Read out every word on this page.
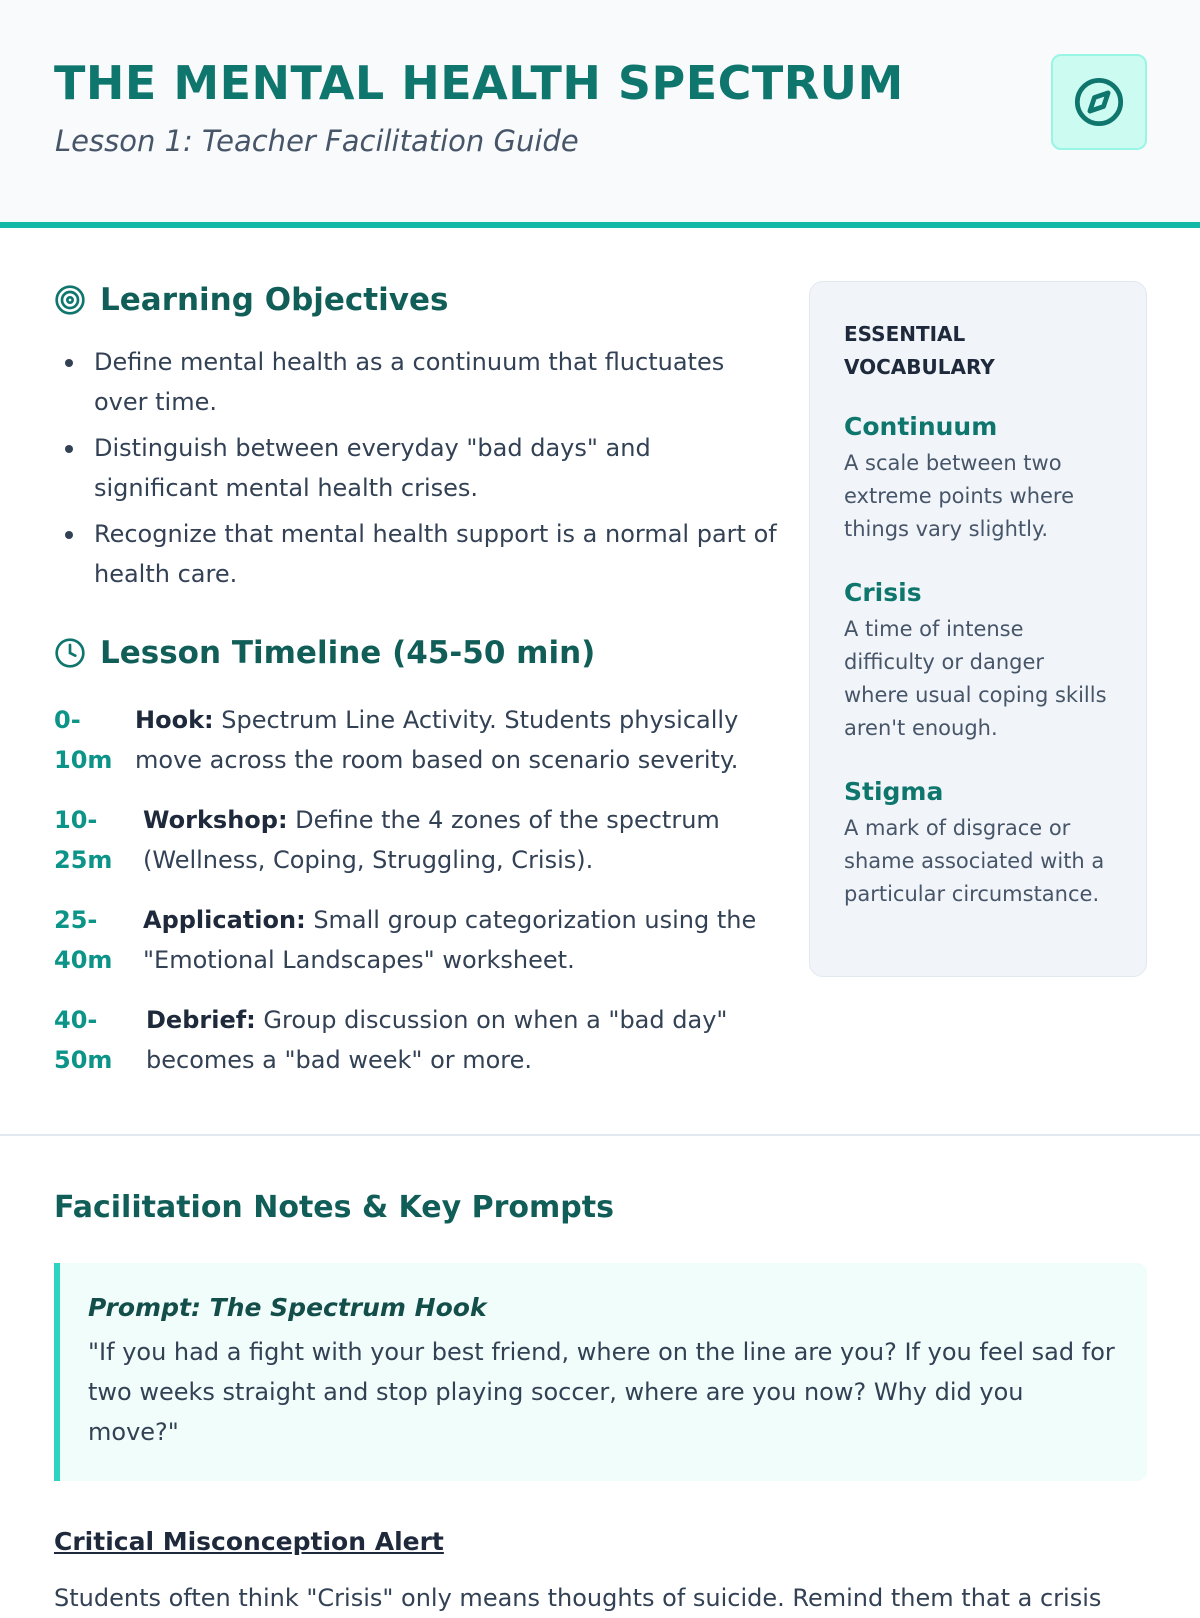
THE MENTAL HEALTH SPECTRUM
Lesson 1: Teacher Facilitation Guide
Learning Objectives
Define mental health as a continuum that fluctuates over time.
Distinguish between everyday "bad days" and significant mental health crises.
Recognize that mental health support is a normal part of health care.
Lesson Timeline (45-50 min)
0-
10m
Hook: Spectrum Line Activity. Students physically move across the room based on scenario severity.
10-
25m
Workshop: Define the 4 zones of the spectrum (Wellness, Coping, Struggling, Crisis).
25-
40m
Application: Small group categorization using the "Emotional Landscapes" worksheet.
40-
50m
Debrief: Group discussion on when a "bad day" becomes a "bad week" or more.
ESSENTIAL VOCABULARY
Continuum
A scale between two extreme points where things vary slightly.
Crisis
A time of intense difficulty or danger where usual coping skills aren't enough.
Stigma
A mark of disgrace or shame associated with a particular circumstance.
Facilitation Notes & Key Prompts
Prompt: The Spectrum Hook
"If you had a fight with your best friend, where on the line are you? If you feel sad for two weeks straight and stop playing soccer, where are you now? Why did you move?"
Critical Misconception Alert
Students often think "Crisis" only means thoughts of suicide. Remind them that a crisis
